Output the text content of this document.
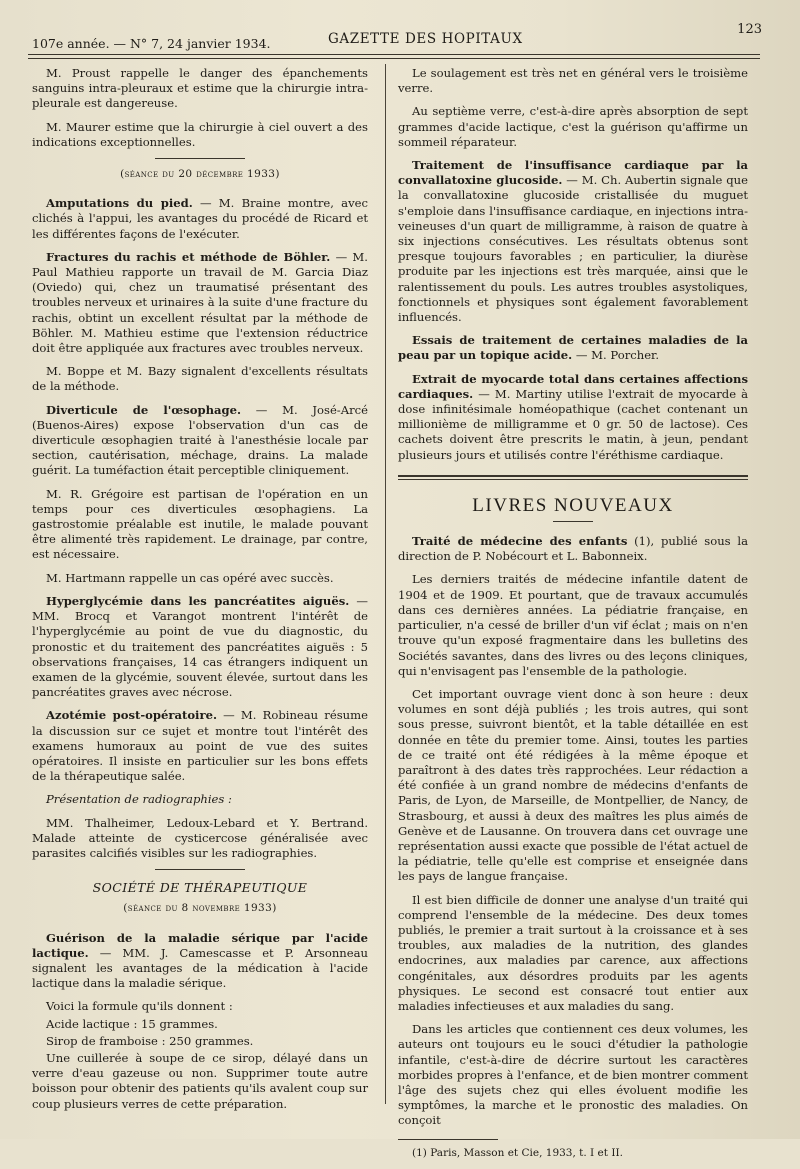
107e année. — N° 7, 24 janvier 1934.	GAZETTE DES HOPITAUX
123

M. Proust rappelle le danger des épanchements sanguins intra-pleuraux et estime que la chirurgie intra-pleurale est dangereuse.

M. Maurer estime que la chirurgie à ciel ouvert a des indications exceptionnelles.

(séance du 20 décembre 1933)

Amputations du pied. — M. Braine montre, avec clichés à l'appui, les avantages du procédé de Ricard et les différentes façons de l'exécuter.

Fractures du rachis et méthode de Böhler. — M. Paul Mathieu rapporte un travail de M. Garcia Diaz (Oviedo) qui, chez un traumatisé présentant des troubles nerveux et urinaires à la suite d'une fracture du rachis, obtint un excellent résultat par la méthode de Böhler. M. Mathieu estime que l'extension réductrice doit être appliquée aux fractures avec troubles nerveux.

M. Boppe et M. Bazy signalent d'excellents résultats de la méthode.

Diverticule de l'œsophage. — M. José-Arcé (Buenos-Aires) expose l'observation d'un cas de diverticule œsophagien traité à l'anesthésie locale par section, cautérisation, méchage, drains. La malade guérit. La tuméfaction était perceptible cliniquement.

M. R. Grégoire est partisan de l'opération en un temps pour ces diverticules œsophagiens. La gastrostomie préalable est inutile, le malade pouvant être alimenté très rapidement. Le drainage, par contre, est nécessaire.

M. Hartmann rappelle un cas opéré avec succès.

Hyperglycémie dans les pancréatites aiguës. — MM. Brocq et Varangot montrent l'intérêt de l'hyperglycémie au point de vue du diagnostic, du pronostic et du traitement des pancréatites aiguës : 5 observations françaises, 14 cas étrangers indiquent un examen de la glycémie, souvent élevée, surtout dans les pancréatites graves avec nécrose.

Azotémie post-opératoire. — M. Robineau résume la discussion sur ce sujet et montre tout l'intérêt des examens humoraux au point de vue des suites opératoires. Il insiste en particulier sur les bons effets de la thérapeutique salée.

Présentation de radiographies :

MM. Thalheimer, Ledoux-Lebard et Y. Bertrand. Malade atteinte de cysticercose généralisée avec parasites calcifiés visibles sur les radiographies.

SOCIÉTÉ DE THÉRAPEUTIQUE

(séance du 8 novembre 1933)

Guérison de la maladie sérique par l'acide lactique. — MM. J. Camescasse et P. Arsonneau signalent les avantages de la médication à l'acide lactique dans la maladie sérique.

Voici la formule qu'ils donnent :

Acide lactique : 15 grammes.

Sirop de framboise : 250 grammes.

Une cuillerée à soupe de ce sirop, délayé dans un verre d'eau gazeuse ou non. Supprimer toute autre boisson pour obtenir des patients qu'ils avalent coup sur coup plusieurs verres de cette préparation.

Le soulagement est très net en général vers le troisième verre.

Au septième verre, c'est-à-dire après absorption de sept grammes d'acide lactique, c'est la guérison qu'affirme un sommeil réparateur.

Traitement de l'insuffisance cardiaque par la convallatoxine glucoside. — M. Ch. Aubertin signale que la convallatoxine glucoside cristallisée du muguet s'emploie dans l'insuffisance cardiaque, en injections intra-veineuses d'un quart de milligramme, à raison de quatre à six injections consécutives. Les résultats obtenus sont presque toujours favorables ; en particulier, la diurèse produite par les injections est très marquée, ainsi que le ralentissement du pouls. Les autres troubles asystoliques, fonctionnels et physiques sont également favorablement influencés.

Essais de traitement de certaines maladies de la peau par un topique acide. — M. Porcher.

Extrait de myocarde total dans certaines affections cardiaques. — M. Martiny utilise l'extrait de myocarde à dose infinitésimale homéopathique (cachet contenant un millionième de milligramme et 0 gr. 50 de lactose). Ces cachets doivent être prescrits le matin, à jeun, pendant plusieurs jours et utilisés contre l'éréthisme cardiaque.

LIVRES NOUVEAUX

Traité de médecine des enfants (1), publié sous la direction de P. Nobécourt et L. Babonneix.

Les derniers traités de médecine infantile datent de 1904 et de 1909. Et pourtant, que de travaux accumulés dans ces dernières années. La pédiatrie française, en particulier, n'a cessé de briller d'un vif éclat ; mais on n'en trouve qu'un exposé fragmentaire dans les bulletins des Sociétés savantes, dans des livres ou des leçons cliniques, qui n'envisagent pas l'ensemble de la pathologie.

Cet important ouvrage vient donc à son heure : deux volumes en sont déjà publiés ; les trois autres, qui sont sous presse, suivront bientôt, et la table détaillée en est donnée en tête du premier tome. Ainsi, toutes les parties de ce traité ont été rédigées à la même époque et paraîtront à des dates très rapprochées. Leur rédaction a été confiée à un grand nombre de médecins d'enfants de Paris, de Lyon, de Marseille, de Montpellier, de Nancy, de Strasbourg, et aussi à deux des maîtres les plus aimés de Genève et de Lausanne. On trouvera dans cet ouvrage une représentation aussi exacte que possible de l'état actuel de la pédiatrie, telle qu'elle est comprise et enseignée dans les pays de langue française.

Il est bien difficile de donner une analyse d'un traité qui comprend l'ensemble de la médecine. Des deux tomes publiés, le premier a trait surtout à la croissance et à ses troubles, aux maladies de la nutrition, des glandes endocrines, aux maladies par carence, aux affections congénitales, aux désordres produits par les agents physiques. Le second est consacré tout entier aux maladies infectieuses et aux maladies du sang.

Dans les articles que contiennent ces deux volumes, les auteurs ont toujours eu le souci d'étudier la pathologie infantile, c'est-à-dire de décrire surtout les caractères morbides propres à l'enfance, et de bien montrer comment l'âge des sujets chez qui elles évoluent modifie les symptômes, la marche et le pronostic des maladies. On conçoit

(1) Paris, Masson et Cie, 1933, t. I et II.
